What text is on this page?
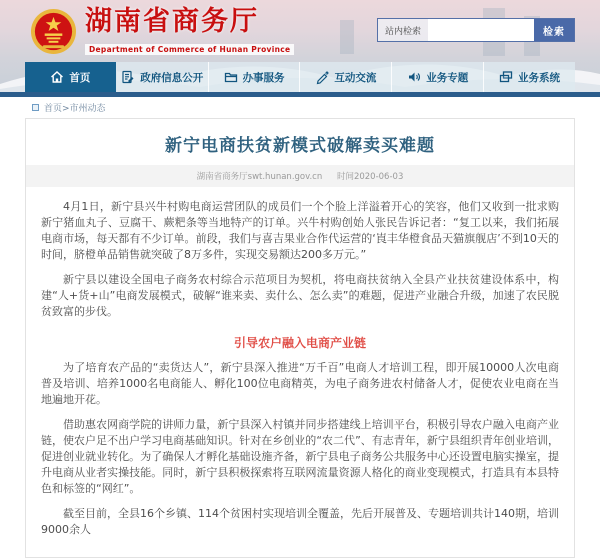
湖南省商务厅
Department of Commerce of Hunan Province
站内检索	检索
首页	政府信息公开	办事服务	互动交流	业务专题	业务系统
首页>市州动态
新宁电商扶贫新模式破解卖买难题
湖南省商务厅swt.hunan.gov.cn 时间2020-06-03

4月1日，新宁县兴牛村购电商运营团队的成员们一个个脸上洋溢着开心的笑容，他们又收到一批求购新宁猪血丸子、豆腐干、蕨粑条等当地特产的订单。兴牛村购创始人张民告诉记者：“复工以来，我们拓展电商市场，每天都有不少订单。前段，我们与喜吉果业合作代运营的‘崀丰华橙食品天猫旗舰店’不到10天的时间，脐橙单品销售就突破了8万多件，实现交易额达200多万元。”

新宁县以建设全国电子商务农村综合示范项目为契机，将电商扶贫纳入全县产业扶贫建设体系中，构建“人+货+山”电商发展模式，破解“谁来卖、卖什么、怎么卖”的难题，促进产业融合升级，加速了农民脱贫致富的步伐。

引导农户融入电商产业链

为了培育农产品的“卖货达人”，新宁县深入推进“万千百”电商人才培训工程，即开展10000人次电商普及培训、培养1000名电商能人、孵化100位电商精英，为电子商务进农村储备人才，促使农业电商在当地遍地开花。

借助惠农网商学院的讲师力量，新宁县深入村镇并同步搭建线上培训平台，积极引导农户融入电商产业链，使农户足不出户学习电商基础知识。针对在乡创业的“农二代”、有志青年，新宁县组织青年创业培训，促进创业就业转化。为了确保人才孵化基础设施齐备，新宁县电子商务公共服务中心还设置电脑实操室，提升电商从业者实操技能。同时，新宁县积极探索将互联网流量资源人格化的商业变现模式，打造具有本县特色和标签的“网红”。

截至目前，全县16个乡镇、114个贫困村实现培训全覆盖，先后开展普及、专题培训共计140期，培训9000余人
